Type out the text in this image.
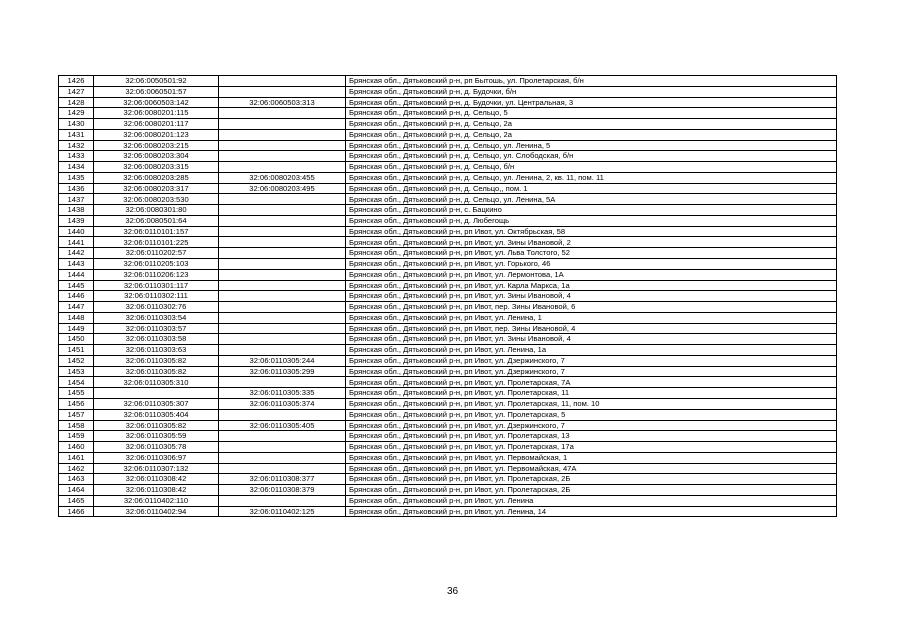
1426	32:06:0050501:92		Брянская обл., Дятьковский р-н, рп Бытошь, ул. Пролетарская, б/н
1427	32:06:0060501:57		Брянская обл., Дятьковский р-н, д. Будочки, б/н
1428	32:06:0060503:142	32:06:0060503:313	Брянская обл., Дятьковский р-н, д. Будочки, ул. Центральная, 3
1429	32:06:0080201:115		Брянская обл., Дятьковский р-н, д. Сельцо, 5
1430	32:06:0080201:117		Брянская обл., Дятьковский р-н, д. Сельцо, 2а
1431	32:06:0080201:123		Брянская обл., Дятьковский р-н, д. Сельцо, 2а
1432	32:06:0080203:215		Брянская обл., Дятьковский р-н, д. Сельцо, ул. Ленина, 5
1433	32:06:0080203:304		Брянская обл., Дятьковский р-н, д. Сельцо, ул. Слободская, б/н
1434	32:06:0080203:315		Брянская обл., Дятьковский р-н, д. Сельцо, б/н
1435	32:06:0080203:285	32:06:0080203:455	Брянская обл., Дятьковский р-н, д. Сельцо, ул. Ленина, 2, кв. 11, пом. 11
1436	32:06:0080203:317	32:06:0080203:495	Брянская обл., Дятьковский р-н, д. Сельцо,, пом. 1
1437	32:06:0080203:530		Брянская обл., Дятьковский р-н, д. Сельцо, ул. Ленина, 5А
1438	32:06:0080301:80		Брянская обл., Дятьковский р-н, с. Бацкино
1439	32:06:0080501:64		Брянская обл., Дятьковский р-н, д. Любегощь
1440	32:06:0110101:157		Брянская обл., Дятьковский р-н, рп Ивот, ул. Октябрьская, 58
1441	32:06:0110101:225		Брянская обл., Дятьковский р-н, рп Ивот, ул. Зины Ивановой, 2
1442	32:06:0110202:57		Брянская обл., Дятьковский р-н, рп Ивот, ул. Льва Толстого, 52
1443	32:06:0110205:103		Брянская обл., Дятьковский р-н, рп Ивот, ул. Горького, 46
1444	32:06:0110206:123		Брянская обл., Дятьковский р-н, рп Ивот, ул. Лермонтова, 1А
1445	32:06:0110301:117		Брянская обл., Дятьковский р-н, рп Ивот, ул. Карла Маркса, 1а
1446	32:06:0110302:111		Брянская обл., Дятьковский р-н, рп Ивот, ул. Зины Ивановой, 4
1447	32:06:0110302:76		Брянская обл., Дятьковский р-н, рп Ивот, пер. Зины Ивановой, 6
1448	32:06:0110303:54		Брянская обл., Дятьковский р-н, рп Ивот, ул. Ленина, 1
1449	32:06:0110303:57		Брянская обл., Дятьковский р-н, рп Ивот, пер. Зины Ивановой, 4
1450	32:06:0110303:58		Брянская обл., Дятьковский р-н, рп Ивот, ул. Зины Ивановой, 4
1451	32:06:0110303:63		Брянская обл., Дятьковский р-н, рп Ивот, ул. Ленина, 1а
1452	32:06:0110305:82	32:06:0110305:244	Брянская обл., Дятьковский р-н, рп Ивот, ул. Дзержинского, 7
1453	32:06:0110305:82	32:06:0110305:299	Брянская обл., Дятьковский р-н, рп Ивот, ул. Дзержинского, 7
1454	32:06:0110305:310		Брянская обл., Дятьковский р-н, рп Ивот, ул. Пролетарская, 7А
1455		32:06:0110305:335	Брянская обл., Дятьковский р-н, рп Ивот, ул. Пролетарская, 11
1456	32:06:0110305:307	32:06:0110305:374	Брянская обл., Дятьковский р-н, рп Ивот, ул. Пролетарская, 11, пом. 10
1457	32:06:0110305:404		Брянская обл., Дятьковский р-н, рп Ивот, ул. Пролетарская, 5
1458	32:06:0110305:82	32:06:0110305:405	Брянская обл., Дятьковский р-н, рп Ивот, ул. Дзержинского, 7
1459	32:06:0110305:59		Брянская обл., Дятьковский р-н, рп Ивот, ул. Пролетарская, 13
1460	32:06:0110305:78		Брянская обл., Дятьковский р-н, рп Ивот, ул. Пролетарская, 17а
1461	32:06:0110306:97		Брянская обл., Дятьковский р-н, рп Ивот, ул. Первомайская, 1
1462	32:06:0110307:132		Брянская обл., Дятьковский р-н, рп Ивот, ул. Первомайская, 47А
1463	32:06:0110308:42	32:06:0110308:377	Брянская обл., Дятьковский р-н, рп Ивот, ул. Пролетарская, 2Б
1464	32:06:0110308:42	32:06:0110308:379	Брянская обл., Дятьковский р-н, рп Ивот, ул. Пролетарская, 2Б
1465	32:06:0110402:110		Брянская обл., Дятьковский р-н, рп Ивот, ул. Ленина
1466	32:06:0110402:94	32:06:0110402:125	Брянская обл., Дятьковский р-н, рп Ивот, ул. Ленина, 14
36
